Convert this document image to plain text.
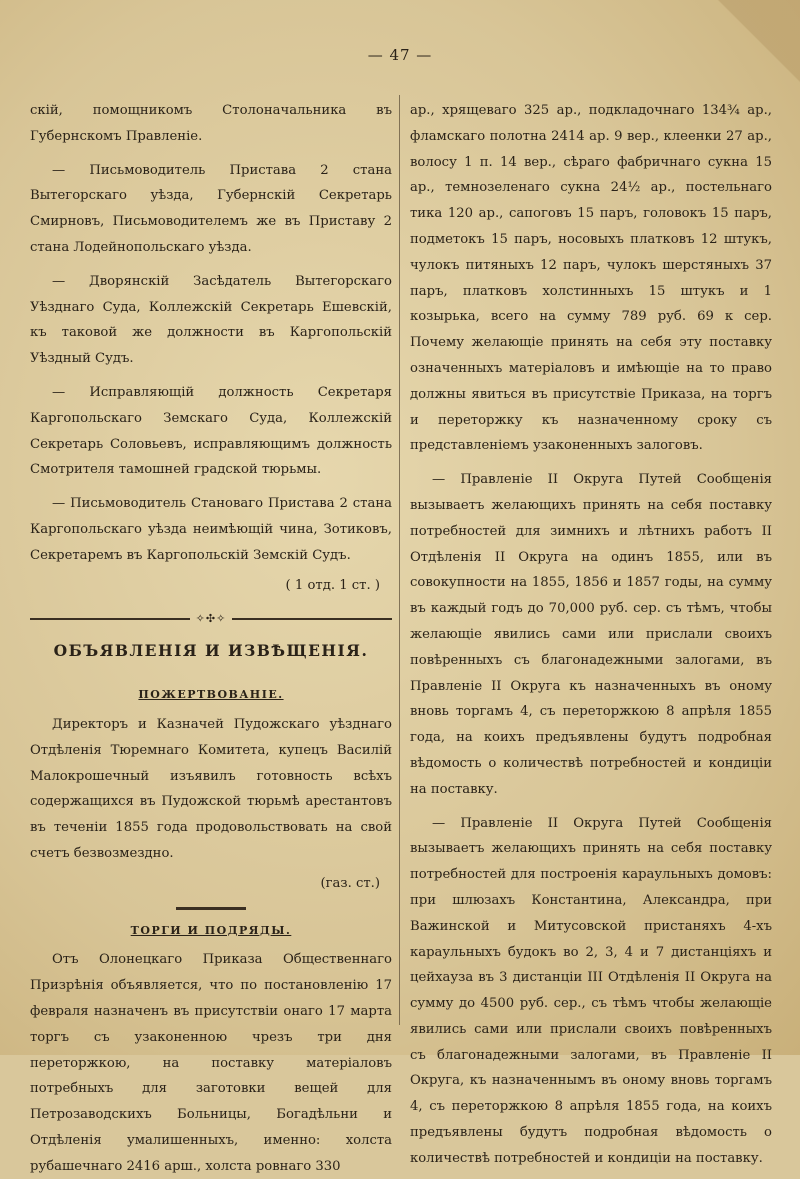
— 47 —

скій, помощникомъ Столоначальника въ Губернскомъ Правленіе.

— Письмоводитель Пристава 2 стана Вытегорскаго уѣзда, Губернскій Секретарь Смирновъ, Письмоводителемъ же въ Приставу 2 стана Лодейнопольскаго уѣзда.

— Дворянскій Засѣдатель Вытегорскаго Уѣзднаго Суда, Коллежскій Секретарь Ешевскій, къ таковой же должности въ Каргопольскій Уѣздный Судъ.

— Исправляющій должность Секретаря Каргопольскаго Земскаго Суда, Коллежскій Секретарь Соловьевъ, исправляющимъ должность Смотрителя тамошней градской тюрьмы.

— Письмоводитель Становаго Пристава 2 стана Каргопольскаго уѣзда неимѣющій чина, Зотиковъ, Секретаремъ въ Каргопольскій Земскій Судъ.

( 1 отд. 1 ст. )
✧✣✧
ОБЪЯВЛЕНІЯ И ИЗВѢЩЕНІЯ.
ПОЖЕРТВОВАНІЕ.

Директоръ и Казначей Пудожскаго уѣзднаго Отдѣленія Тюремнаго Комитета, купецъ Василій Малокрошечный изъявилъ готовность всѣхъ содержащихся въ Пудожской тюрьмѣ арестантовъ въ теченіи 1855 года продовольствовать на свой счетъ безвозмездно.

(газ. ст.)
ТОРГИ И ПОДРЯДЫ.

Отъ Олонецкаго Приказа Общественнаго Призрѣнія объявляется, что по постановленію 17 февраля назначенъ въ присутствіи онаго 17 марта торгъ съ узаконенною чрезъ три дня переторжкою, на поставку матеріаловъ потребныхъ для заготовки вещей для Петрозаводскихъ Больницы, Богадѣльни и Отдѣленія умалишенныхъ, именно: холста рубашечнаго 2416 арш., холста ровнаго 330

ар., хрящеваго 325 ар., подкладочнаго 134¾ ар., фламскаго полотна 2414 ар. 9 вер., клеенки 27 ар., волосу 1 п. 14 вер., сѣраго фабричнаго сукна 15 ар., темнозеленаго сукна 24½ ар., постельнаго тика 120 ар., сапоговъ 15 паръ, головокъ 15 паръ, подметокъ 15 паръ, носовыхъ платковъ 12 штукъ, чулокъ питяныхъ 12 паръ, чулокъ шерстяныхъ 37 паръ, платковъ холстинныхъ 15 штукъ и 1 козырька, всего на сумму 789 руб. 69 к сер. Почему желающіе принять на себя эту поставку означенныхъ матеріаловъ и имѣющіе на то право должны явиться въ присутствіе Приказа, на торгъ и переторжку къ назначенному сроку съ представленіемъ узаконенныхъ залоговъ.

— Правленіе II Округа Путей Сообщенія вызываетъ желающихъ принять на себя поставку потребностей для зимнихъ и лѣтнихъ работъ II Отдѣленія II Округа на одинъ 1855, или въ совокупности на 1855, 1856 и 1857 годы, на сумму въ каждый годъ до 70,000 руб. сер. съ тѣмъ, чтобы желающіе явились сами или прислали своихъ повѣренныхъ съ благонадежными залогами, въ Правленіе II Округа къ назначенныхъ въ оному вновь торгамъ 4, съ переторжкою 8 апрѣля 1855 года, на коихъ предъявлены будутъ подробная вѣдомость о количествѣ потребностей и кондиціи на поставку.

— Правленіе II Округа Путей Сообщенія вызываетъ желающихъ принять на себя поставку потребностей для построенія караульныхъ домовъ: при шлюзахъ Константина, Александра, при Важинской и Митусовской пристаняхъ 4-хъ караульныхъ будокъ во 2, 3, 4 и 7 дистанціяхъ и цейхауза въ 3 дистанціи III Отдѣленія II Округа на сумму до 4500 руб. сер., съ тѣмъ чтобы желающіе явились сами или прислали своихъ повѣренныхъ съ благонадежными залогами, въ Правленіе II Округа, къ назначеннымъ въ оному вновь торгамъ 4, съ переторжкою 8 апрѣля 1855 года, на коихъ предъявлены будутъ подробная вѣдомость о количествѣ потребностей и кондиціи на поставку.
